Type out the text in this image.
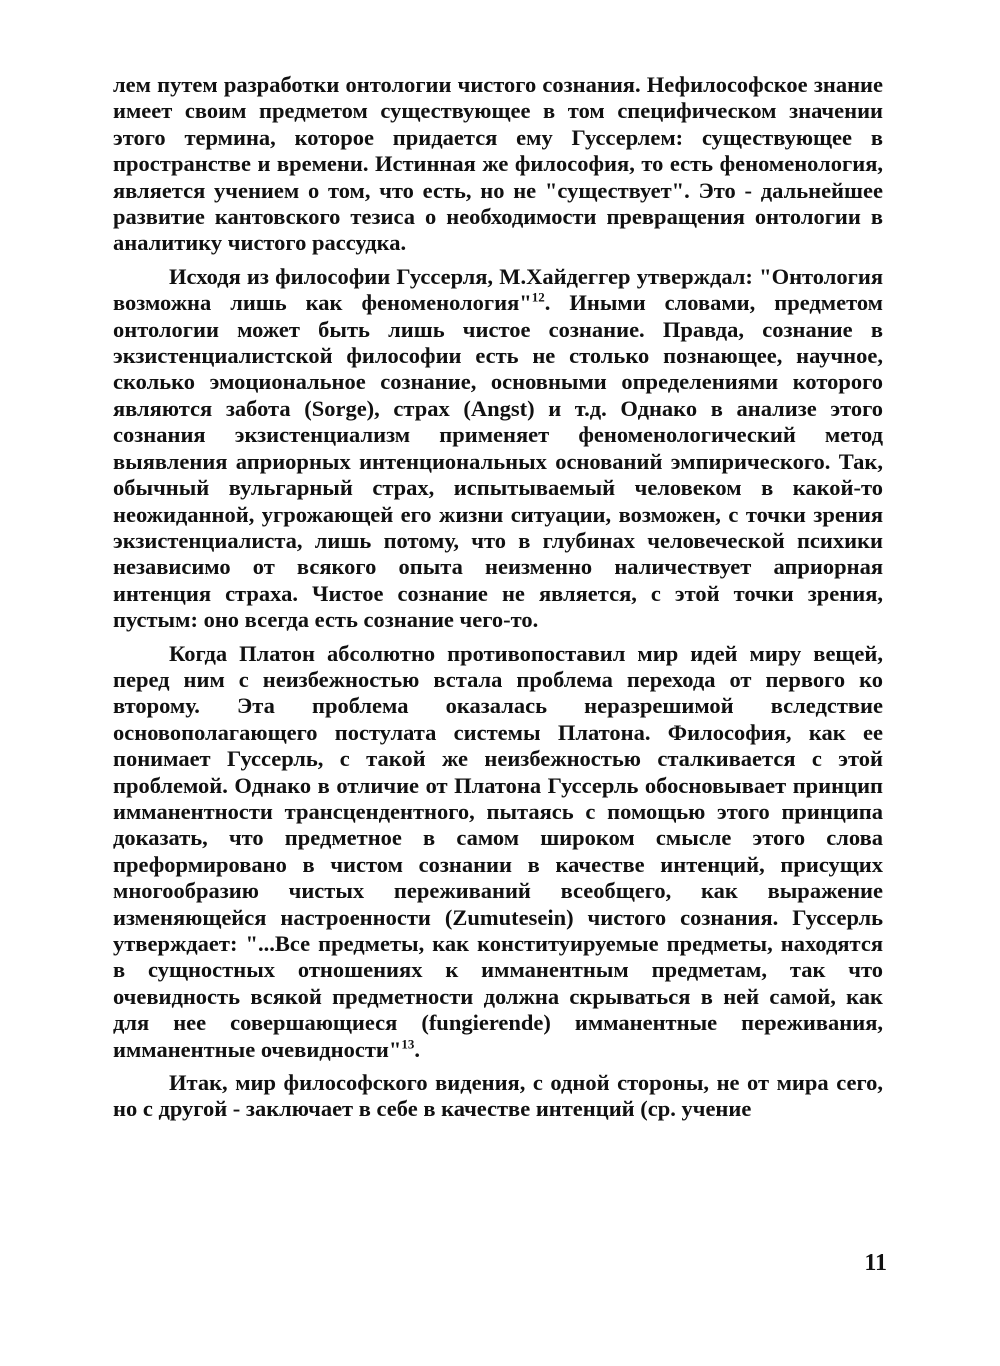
лем путем разработки онтологии чистого сознания. Нефилософское знание имеет своим предметом существующее в том специфическом значении этого термина, которое придается ему Гуссерлем: существующее в пространстве и времени. Истинная же философия, то есть феноменология, является учением о том, что есть, но не "существует". Это - дальнейшее развитие кантовского тезиса о необходимости превращения онтологии в аналитику чистого рассудка.

Исходя из философии Гуссерля, М.Хайдеггер утверждал: "Онтология возможна лишь как феноменология"$^{12}$. Иными словами, предметом онтологии может быть лишь чистое сознание. Правда, сознание в экзистенциалистской философии есть не столько познающее, научное, сколько эмоциональное сознание, основными определениями которого являются забота (Sorge), страх (Angst) и т.д. Однако в анализе этого сознания экзистенциализм применяет феноменологический метод выявления априорных интенциональных оснований эмпирического. Так, обычный вульгарный страх, испытываемый человеком в какой-то неожиданной, угрожающей его жизни ситуации, возможен, с точки зрения экзистенциалиста, лишь потому, что в глубинах человеческой психики независимо от всякого опыта неизменно наличествует априорная интенция страха. Чистое сознание не является, с этой точки зрения, пустым: оно всегда есть сознание чего-то.

Когда Платон абсолютно противопоставил мир идей миру вещей, перед ним с неизбежностью встала проблема перехода от первого ко второму. Эта проблема оказалась неразрешимой вследствие основополагающего постулата системы Платона. Философия, как ее понимает Гуссерль, с такой же неизбежностью сталкивается с этой проблемой. Однако в отличие от Платона Гуссерль обосновывает принцип имманентности трансцендентного, пытаясь с помощью этого принципа доказать, что предметное в самом широком смысле этого слова преформировано в чистом сознании в качестве интенций, присущих многообразию чистых переживаний всеобщего, как выражение изменяющейся настроенности (Zumutesein) чистого сознания. Гуссерль утверждает: "...Все предметы, как конституируемые предметы, находятся в сущностных отношениях к имманентным предметам, так что очевидность всякой предметности должна скрываться в ней самой, как для нее совершающиеся (fungierende) имманентные переживания, имманентные очевидности"$^{13}$.

Итак, мир философского видения, с одной стороны, не от мира сего, но с другой - заключает в себе в качестве интенций (ср. учение

11
